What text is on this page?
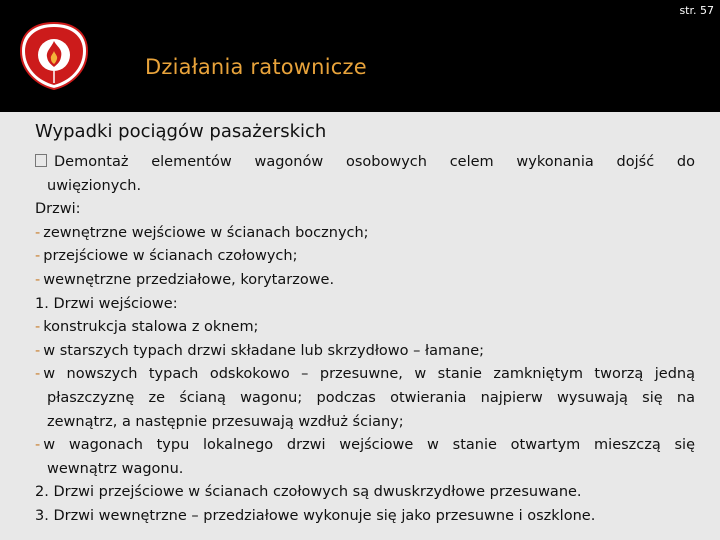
str. 57
Działania ratownicze
Wypadki pociągów pasażerskich
Demontaż elementów wagonów osobowych celem wykonania dojść do
uwięzionych.
Drzwi:
- zewnętrzne wejściowe w ścianach bocznych;
- przejściowe w ścianach czołowych;
- wewnętrzne przedziałowe, korytarzowe.
1. Drzwi wejściowe:
- konstrukcja stalowa z oknem;
- w starszych typach drzwi składane lub skrzydłowo – łamane;
- w nowszych typach odskokowo – przesuwne, w stanie zamkniętym tworzą jedną
płaszczyznę ze ścianą wagonu; podczas otwierania najpierw wysuwają się na
zewnątrz, a następnie przesuwają wzdłuż ściany;
- w wagonach typu lokalnego drzwi wejściowe w stanie otwartym mieszczą się
wewnątrz wagonu.
2. Drzwi przejściowe w ścianach czołowych są dwuskrzydłowe przesuwane.
3. Drzwi wewnętrzne – przedziałowe wykonuje się jako przesuwne i oszklone.
